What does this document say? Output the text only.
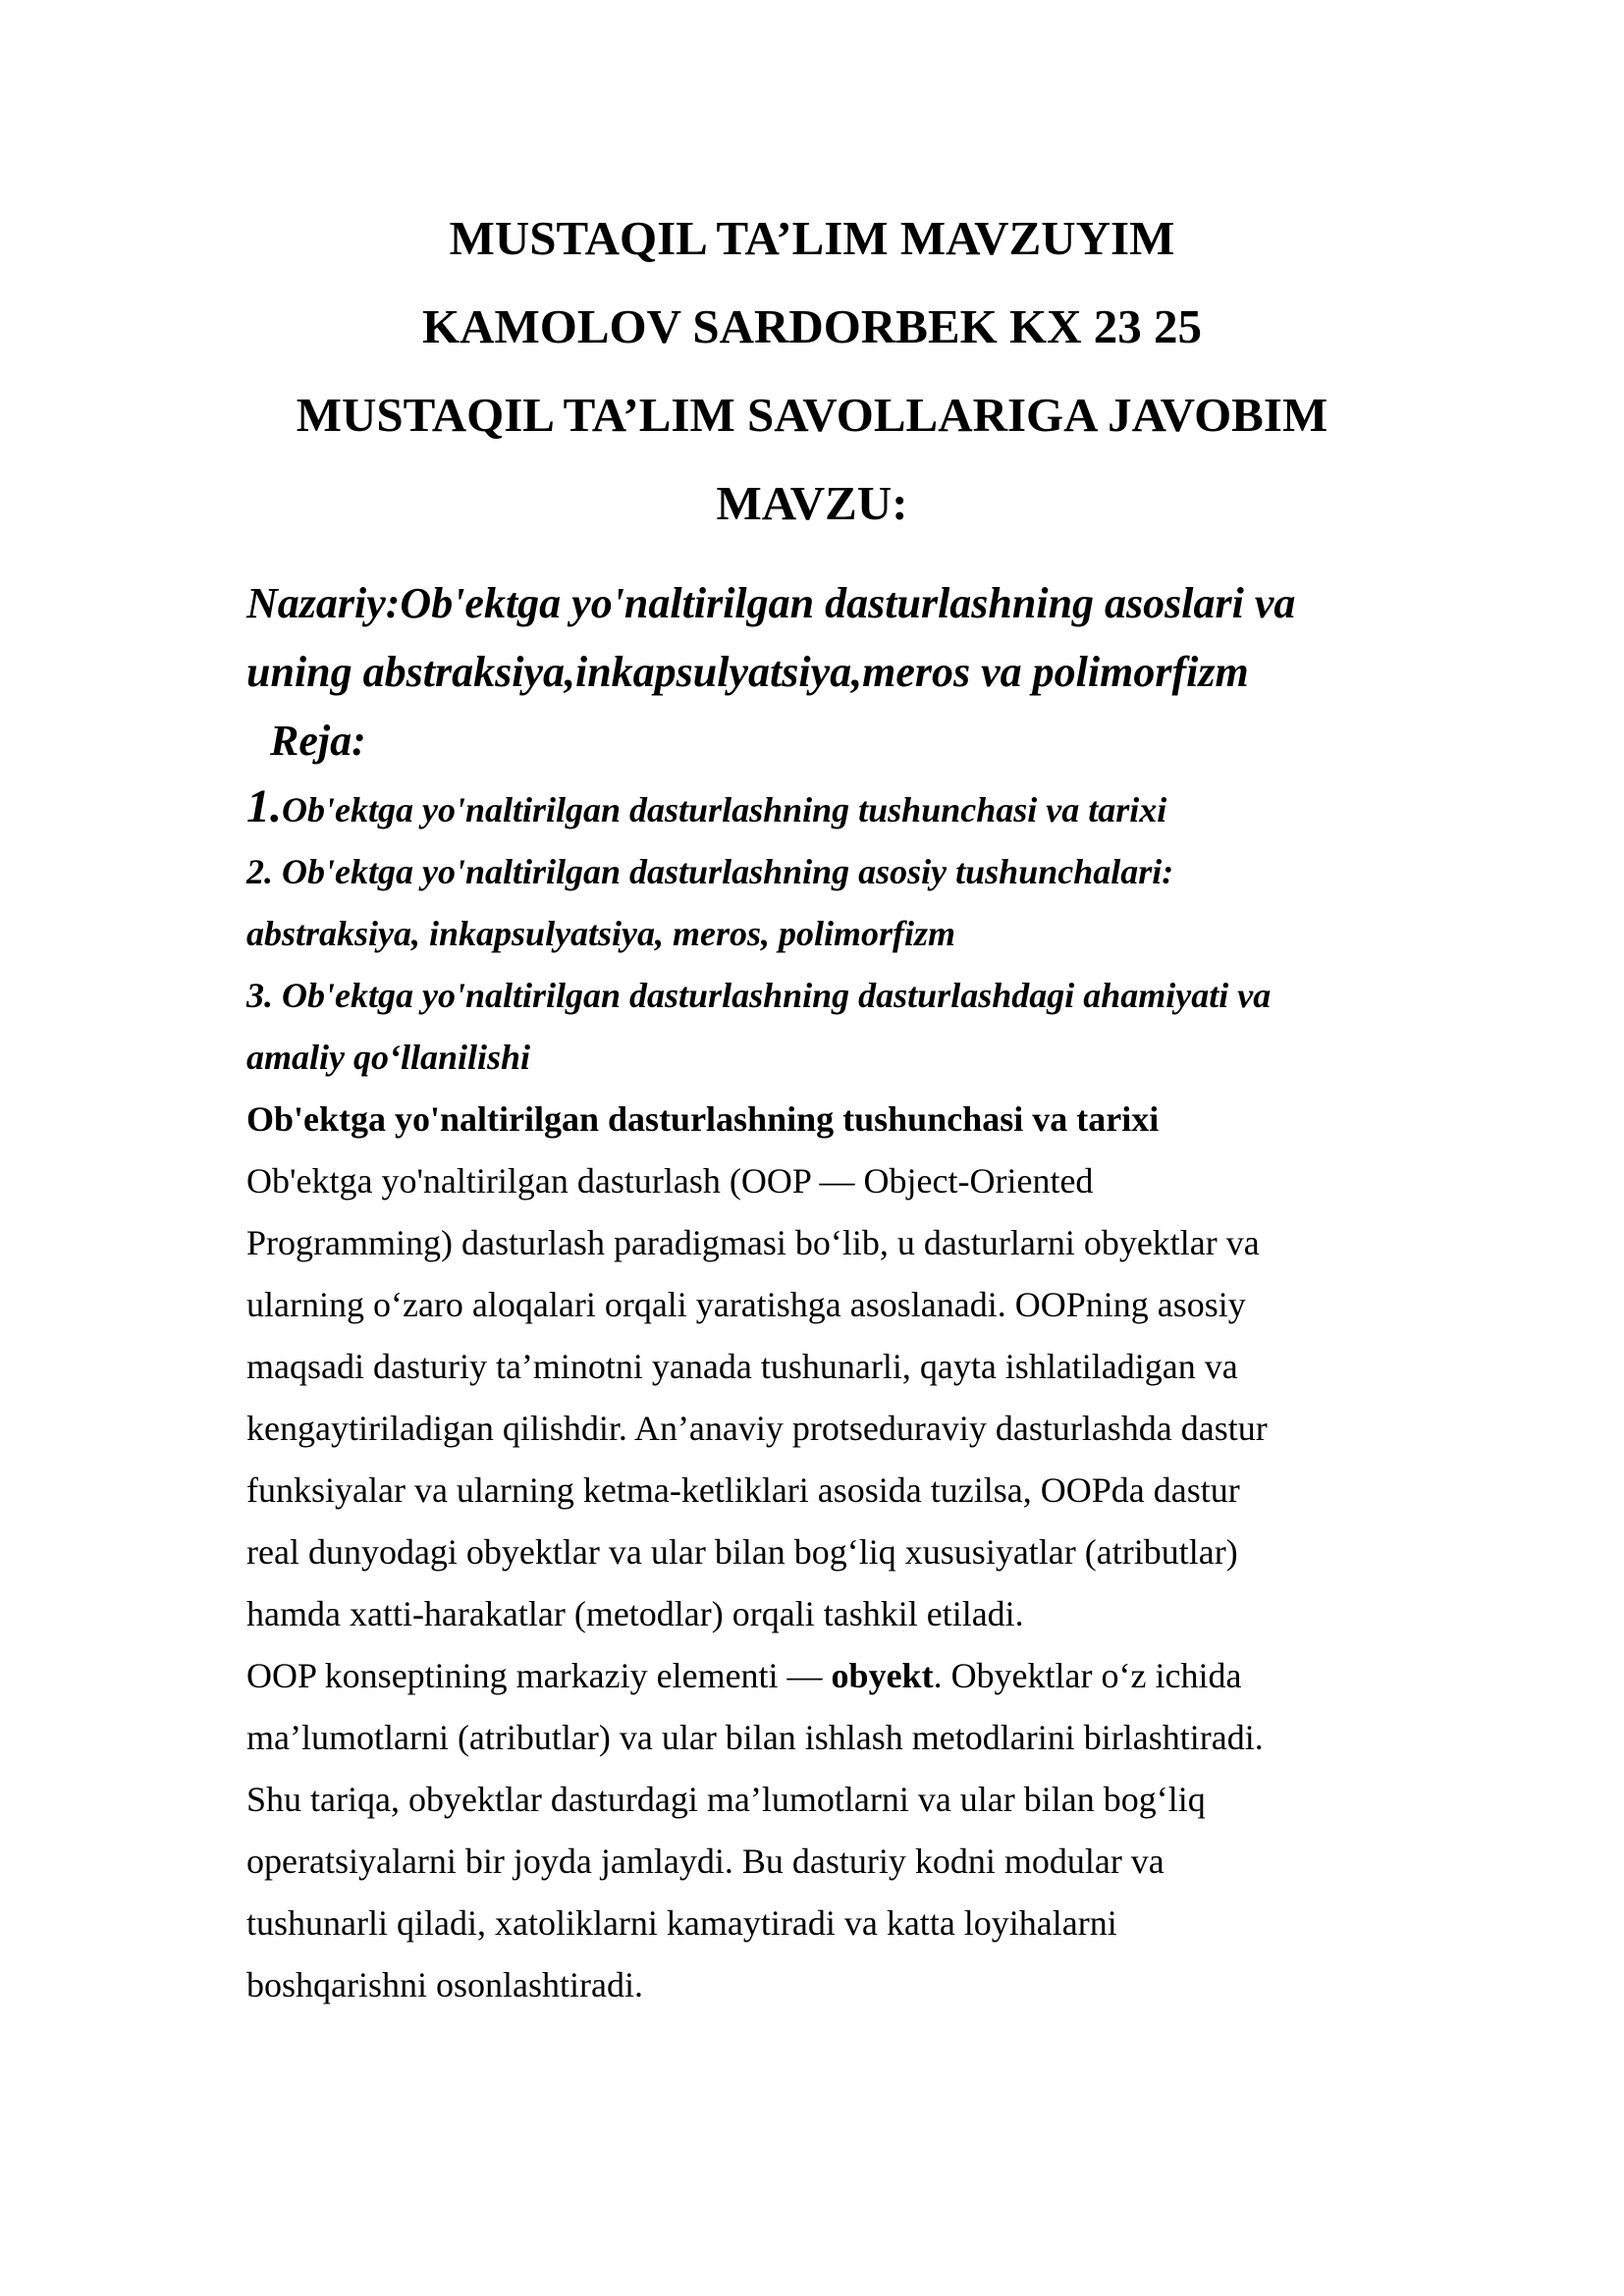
MUSTAQIL TA’LIM MAVZUYIM
KAMOLOV SARDORBEK KX 23 25
MUSTAQIL TA’LIM SAVOLLARIGA JAVOBIM
MAVZU:
Nazariy:Ob'ektga yo'naltirilgan dasturlashning asoslari va
uning abstraksiya,inkapsulyatsiya,meros va polimorfizm
Reja:
1.Ob'ektga yo'naltirilgan dasturlashning tushunchasi va tarixi
2. Ob'ektga yo'naltirilgan dasturlashning asosiy tushunchalari:
abstraksiya, inkapsulyatsiya, meros, polimorfizm
3. Ob'ektga yo'naltirilgan dasturlashning dasturlashdagi ahamiyati va
amaliy qo‘llanilishi
Ob'ektga yo'naltirilgan dasturlashning tushunchasi va tarixi
Ob'ektga yo'naltirilgan dasturlash (OOP — Object-Oriented
Programming) dasturlash paradigmasi bo‘lib, u dasturlarni obyektlar va
ularning o‘zaro aloqalari orqali yaratishga asoslanadi. OOPning asosiy
maqsadi dasturiy ta’minotni yanada tushunarli, qayta ishlatiladigan va
kengaytiriladigan qilishdir. An’anaviy protseduraviy dasturlashda dastur
funksiyalar va ularning ketma-ketliklari asosida tuzilsa, OOPda dastur
real dunyodagi obyektlar va ular bilan bog‘liq xususiyatlar (atributlar)
hamda xatti-harakatlar (metodlar) orqali tashkil etiladi.
OOP konseptining markaziy elementi — obyekt. Obyektlar o‘z ichida
ma’lumotlarni (atributlar) va ular bilan ishlash metodlarini birlashtiradi.
Shu tariqa, obyektlar dasturdagi ma’lumotlarni va ular bilan bog‘liq
operatsiyalarni bir joyda jamlaydi. Bu dasturiy kodni modular va
tushunarli qiladi, xatoliklarni kamaytiradi va katta loyihalarni
boshqarishni osonlashtiradi.
